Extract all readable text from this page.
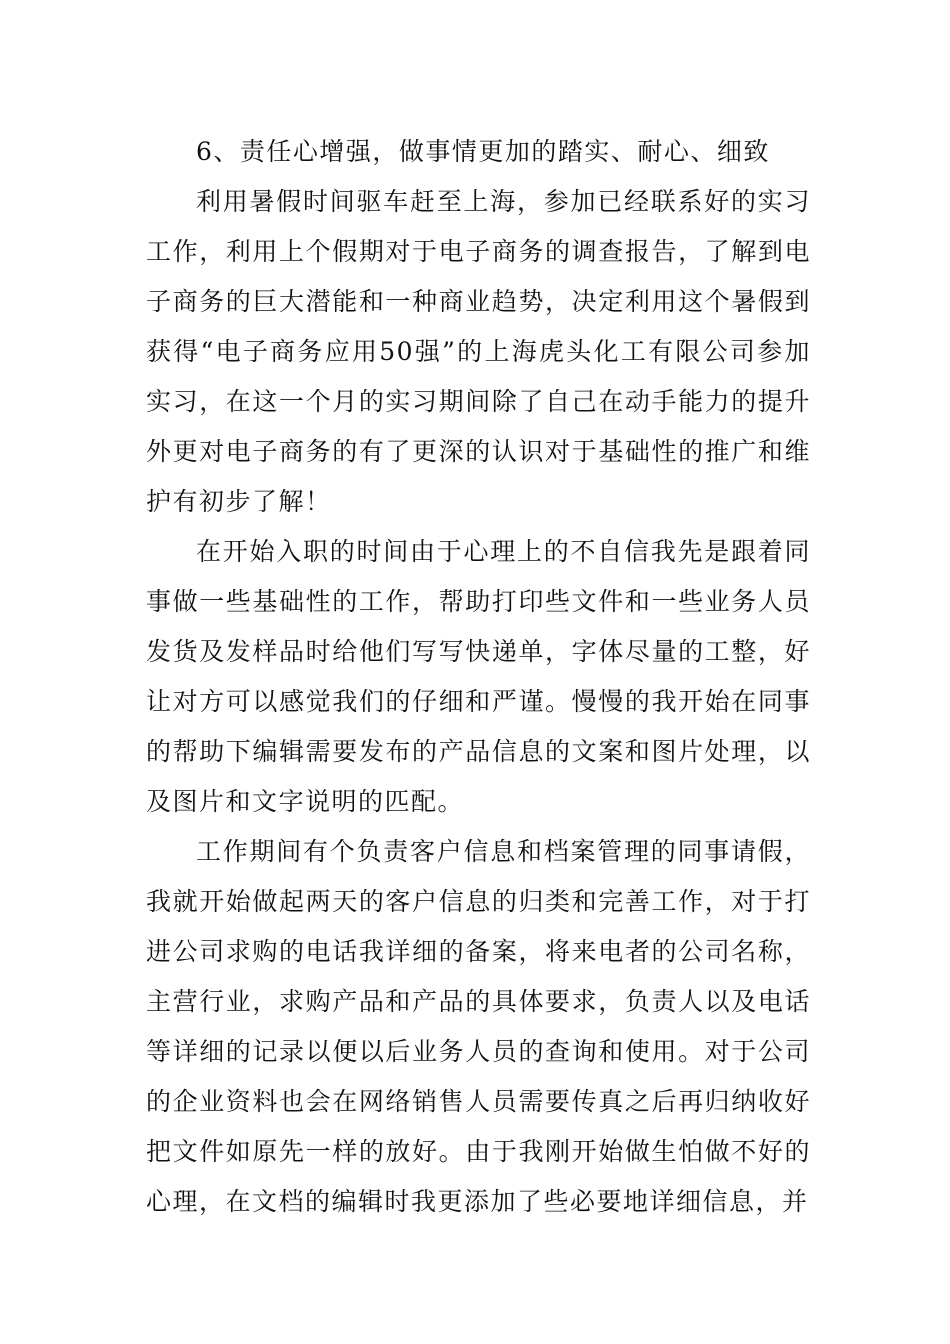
6、责任心增强，做事情更加的踏实、耐心、细致

利用暑假时间驱车赶至上海，参加已经联系好的实习工作，利用上个假期对于电子商务的调查报告，了解到电子商务的巨大潜能和一种商业趋势，决定利用这个暑假到获得“电子商务应用50强”的上海虎头化工有限公司参加实习，在这一个月的实习期间除了自己在动手能力的提升外更对电子商务的有了更深的认识对于基础性的推广和维护有初步了解！

在开始入职的时间由于心理上的不自信我先是跟着同事做一些基础性的工作，帮助打印些文件和一些业务人员发货及发样品时给他们写写快递单，字体尽量的工整，好让对方可以感觉我们的仔细和严谨。慢慢的我开始在同事的帮助下编辑需要发布的产品信息的文案和图片处理，以及图片和文字说明的匹配。

工作期间有个负责客户信息和档案管理的同事请假，我就开始做起两天的客户信息的归类和完善工作，对于打进公司求购的电话我详细的备案，将来电者的公司名称，主营行业，求购产品和产品的具体要求，负责人以及电话等详细的记录以便以后业务人员的查询和使用。对于公司的企业资料也会在网络销售人员需要传真之后再归纳收好把文件如原先一样的放好。由于我刚开始做生怕做不好的心理，在文档的编辑时我更添加了些必要地详细信息，并
